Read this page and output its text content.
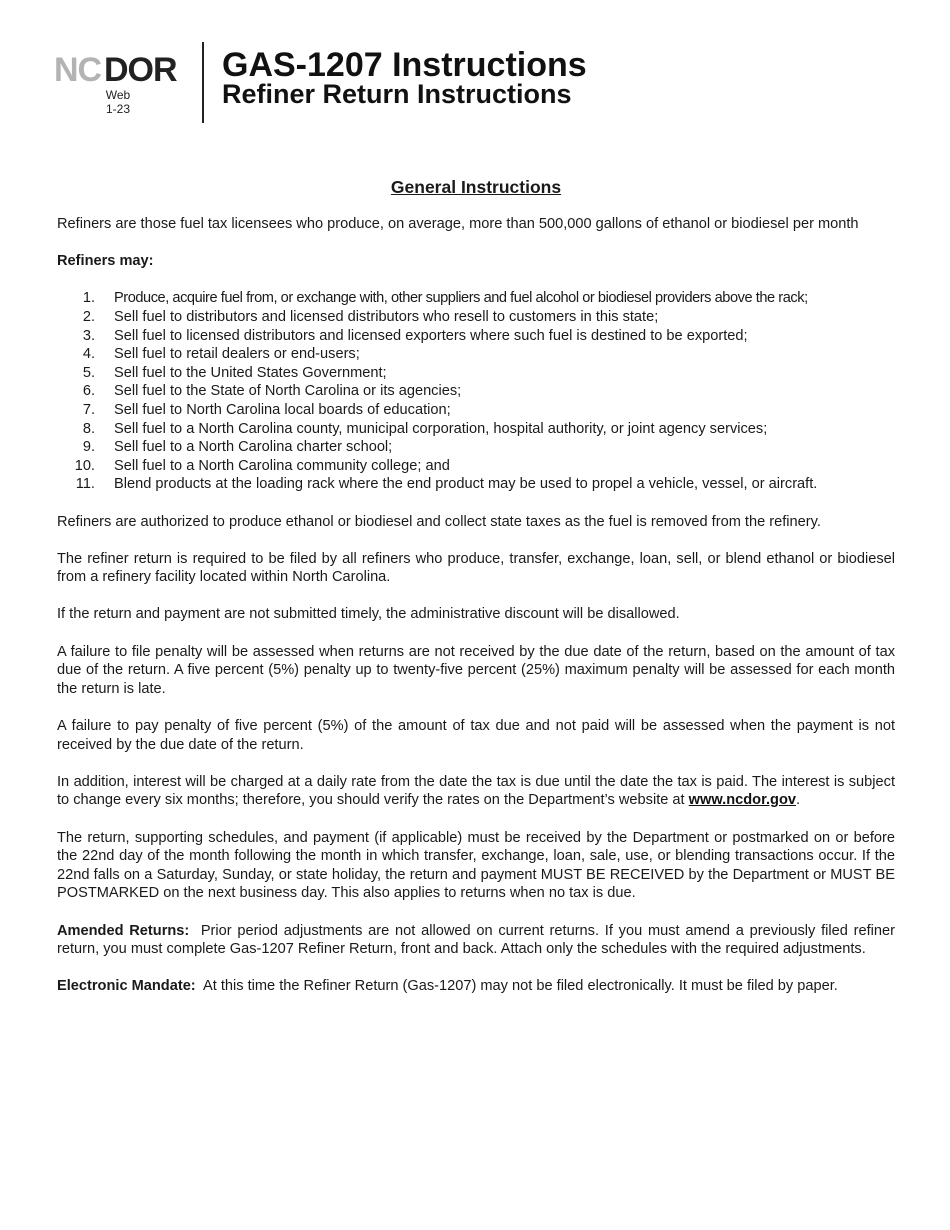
NC DOR
Web
1-23
GAS-1207 Instructions
Refiner Return Instructions
General Instructions

Refiners are those fuel tax licensees who produce, on average, more than 500,000 gallons of ethanol or biodiesel per month

Refiners may:

1. Produce, acquire fuel from, or exchange with, other suppliers and fuel alcohol or biodiesel providers above the rack;
2. Sell fuel to distributors and licensed distributors who resell to customers in this state;
3. Sell fuel to licensed distributors and licensed exporters where such fuel is destined to be exported;
4. Sell fuel to retail dealers or end-users;
5. Sell fuel to the United States Government;
6. Sell fuel to the State of North Carolina or its agencies;
7. Sell fuel to North Carolina local boards of education;
8. Sell fuel to a North Carolina county, municipal corporation, hospital authority, or joint agency services;
9. Sell fuel to a North Carolina charter school;
10. Sell fuel to a North Carolina community college; and
11. Blend products at the loading rack where the end product may be used to propel a vehicle, vessel, or aircraft.

Refiners are authorized to produce ethanol or biodiesel and collect state taxes as the fuel is removed from the refinery.

The refiner return is required to be filed by all refiners who produce, transfer, exchange, loan, sell, or blend ethanol or biodiesel from a refinery facility located within North Carolina.

If the return and payment are not submitted timely, the administrative discount will be disallowed.

A failure to file penalty will be assessed when returns are not received by the due date of the return, based on the amount of tax due of the return. A five percent (5%) penalty up to twenty-five percent (25%) maximum penalty will be assessed for each month the return is late.

A failure to pay penalty of five percent (5%) of the amount of tax due and not paid will be assessed when the payment is not received by the due date of the return.

In addition, interest will be charged at a daily rate from the date the tax is due until the date the tax is paid. The interest is subject to change every six months; therefore, you should verify the rates on the Department’s website at www.ncdor.gov.

The return, supporting schedules, and payment (if applicable) must be received by the Department or postmarked on or before the 22nd day of the month following the month in which transfer, exchange, loan, sale, use, or blending transactions occur. If the 22nd falls on a Saturday, Sunday, or state holiday, the return and payment MUST BE RECEIVED by the Department or MUST BE POSTMARKED on the next business day. This also applies to returns when no tax is due.

Amended Returns: Prior period adjustments are not allowed on current returns. If you must amend a previously filed refiner return, you must complete Gas-1207 Refiner Return, front and back. Attach only the schedules with the required adjustments.

Electronic Mandate: At this time the Refiner Return (Gas-1207) may not be filed electronically. It must be filed by paper.
